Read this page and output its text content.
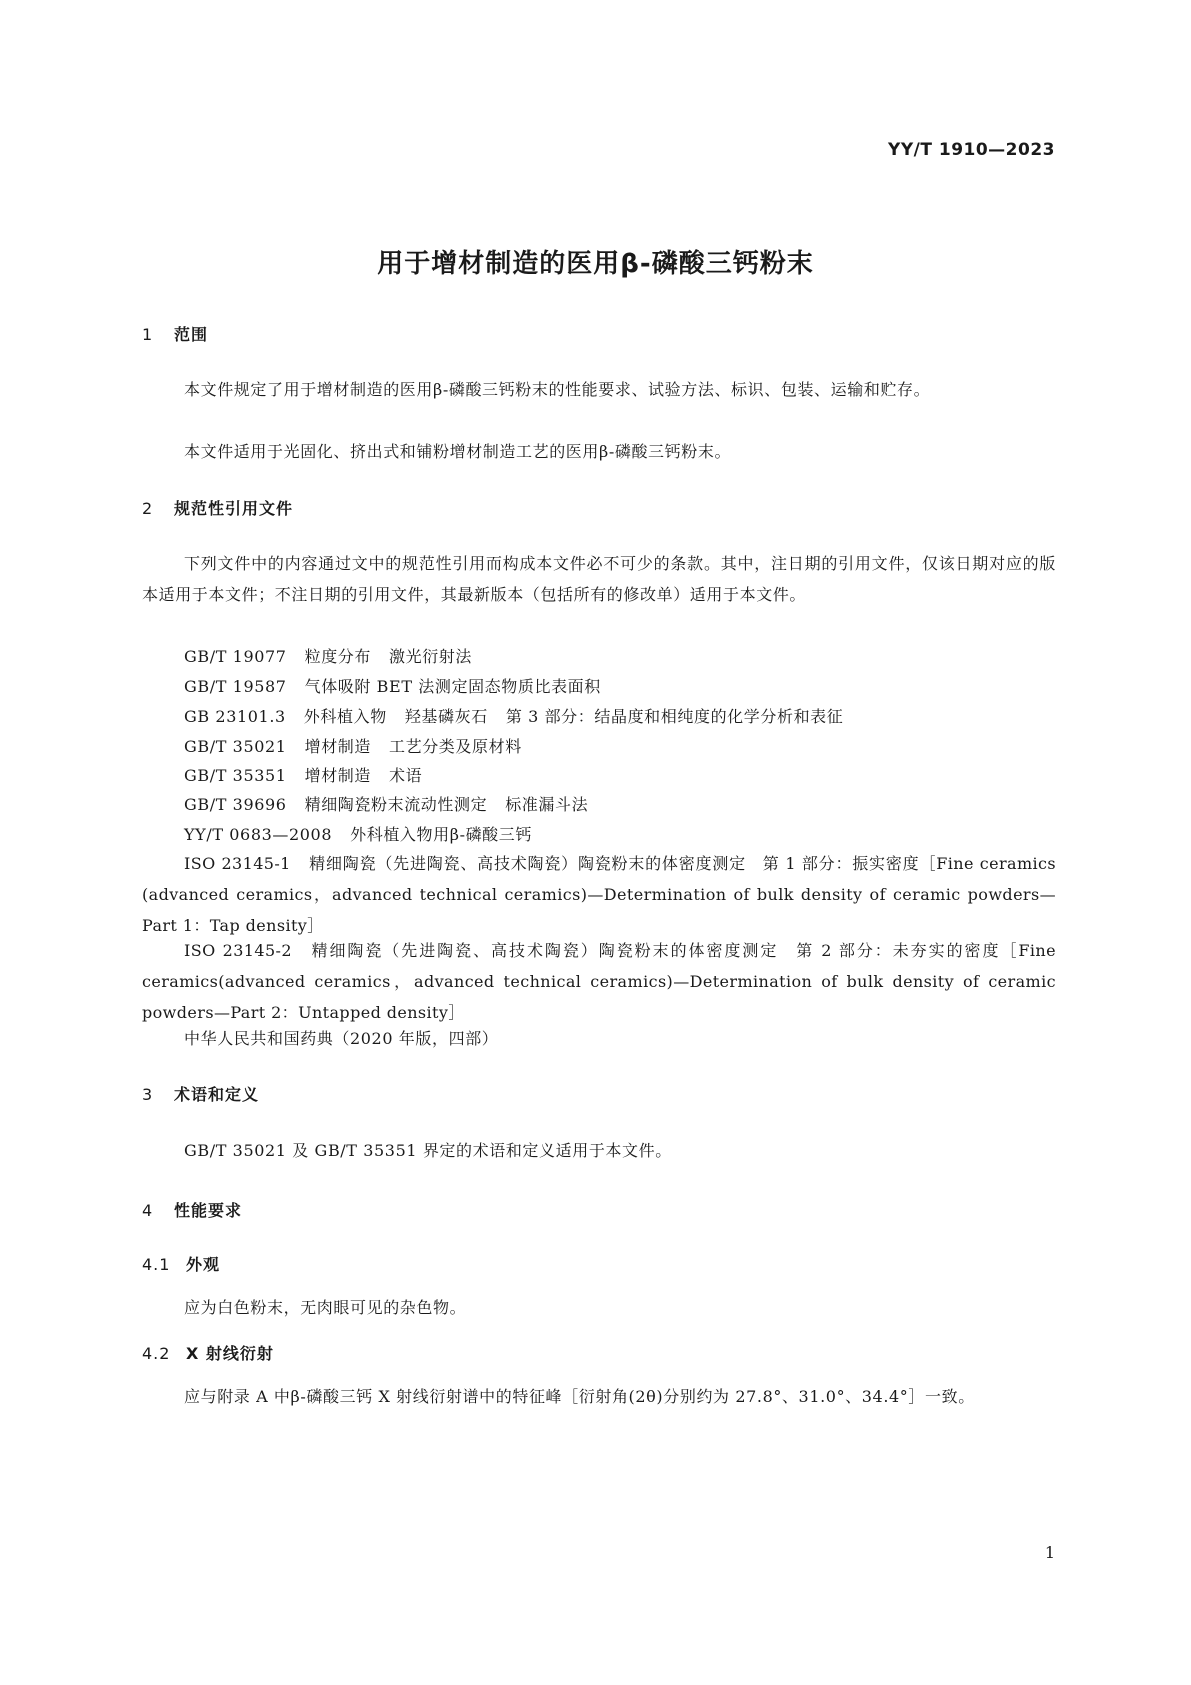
YY/T 1910—2023
用于增材制造的医用β-磷酸三钙粉末
1 范围
本文件规定了用于增材制造的医用β-磷酸三钙粉末的性能要求、试验方法、标识、包装、运输和贮存。
本文件适用于光固化、挤出式和铺粉增材制造工艺的医用β-磷酸三钙粉末。
2 规范性引用文件
下列文件中的内容通过文中的规范性引用而构成本文件必不可少的条款。其中，注日期的引用文件，仅该日期对应的版本适用于本文件；不注日期的引用文件，其最新版本（包括所有的修改单）适用于本文件。
GB/T 19077 粒度分布 激光衍射法
GB/T 19587 气体吸附 BET 法测定固态物质比表面积
GB 23101.3 外科植入物 羟基磷灰石 第 3 部分：结晶度和相纯度的化学分析和表征
GB/T 35021 增材制造 工艺分类及原材料
GB/T 35351 增材制造 术语
GB/T 39696 精细陶瓷粉末流动性测定 标准漏斗法
YY/T 0683—2008 外科植入物用β-磷酸三钙
ISO 23145-1 精细陶瓷（先进陶瓷、高技术陶瓷）陶瓷粉末的体密度测定　第 1 部分：振实密度［Fine ceramics (advanced ceramics，advanced technical ceramics)—Determination of bulk density of ceramic powders—Part 1：Tap density］
ISO 23145-2 精细陶瓷（先进陶瓷、高技术陶瓷）陶瓷粉末的体密度测定　第 2 部分：未夯实的密度［Fine ceramics(advanced ceramics，advanced technical ceramics)—Determination of bulk density of ceramic powders—Part 2：Untapped density］
中华人民共和国药典（2020 年版，四部）
3 术语和定义
GB/T 35021 及 GB/T 35351 界定的术语和定义适用于本文件。
4 性能要求
4.1 外观
应为白色粉末，无肉眼可见的杂色物。
4.2 X 射线衍射
应与附录 A 中β-磷酸三钙 X 射线衍射谱中的特征峰［衍射角(2θ)分别约为 27.8°、31.0°、34.4°］一致。
1
